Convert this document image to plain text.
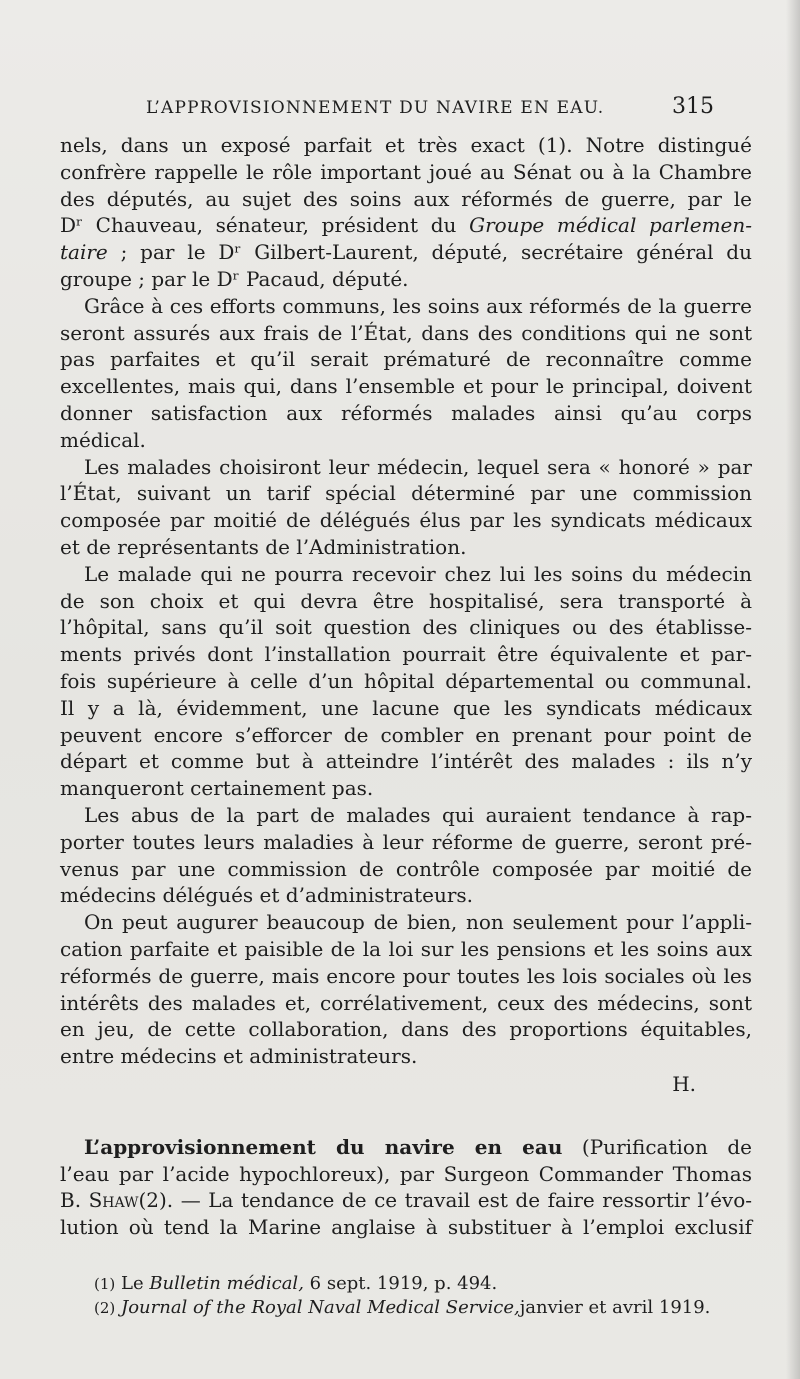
L’APPROVISIONNEMENT DU NAVIRE EN EAU.	315
nels, dans un exposé parfait et très exact (1). Notre distingué
confrère rappelle le rôle important joué au Sénat ou à la Chambre
des députés, au sujet des soins aux réformés de guerre, par le
Dʳ Chauveau, sénateur, président du Groupe médical parlemen-
taire ; par le Dʳ Gilbert-Laurent, député, secrétaire général du
groupe ; par le Dʳ Pacaud, député.
Grâce à ces efforts communs, les soins aux réformés de la guerre
seront assurés aux frais de l’État, dans des conditions qui ne sont
pas parfaites et qu’il serait prématuré de reconnaître comme
excellentes, mais qui, dans l’ensemble et pour le principal, doivent
donner satisfaction aux réformés malades ainsi qu’au corps
médical.
Les malades choisiront leur médecin, lequel sera « honoré » par
l’État, suivant un tarif spécial déterminé par une commission
composée par moitié de délégués élus par les syndicats médicaux
et de représentants de l’Administration.
Le malade qui ne pourra recevoir chez lui les soins du médecin
de son choix et qui devra être hospitalisé, sera transporté à
l’hôpital, sans qu’il soit question des cliniques ou des établisse-
ments privés dont l’installation pourrait être équivalente et par-
fois supérieure à celle d’un hôpital départemental ou communal.
Il y a là, évidemment, une lacune que les syndicats médicaux
peuvent encore s’efforcer de combler en prenant pour point de
départ et comme but à atteindre l’intérêt des malades : ils n’y
manqueront certainement pas.
Les abus de la part de malades qui auraient tendance à rap-
porter toutes leurs maladies à leur réforme de guerre, seront pré-
venus par une commission de contrôle composée par moitié de
médecins délégués et d’administrateurs.
On peut augurer beaucoup de bien, non seulement pour l’appli-
cation parfaite et paisible de la loi sur les pensions et les soins aux
réformés de guerre, mais encore pour toutes les lois sociales où les
intérêts des malades et, corrélativement, ceux des médecins, sont
en jeu, de cette collaboration, dans des proportions équitables,
entre médecins et administrateurs.
H.
L’approvisionnement du navire en eau (Purification de
l’eau par l’acide hypochloreux), par Surgeon Commander Thomas
B. Shaw(2). — La tendance de ce travail est de faire ressortir l’évo-
lution où tend la Marine anglaise à substituer à l’emploi exclusif
(1) Le Bulletin médical, 6 sept. 1919, p. 494.
(2) Journal of the Royal Naval Medical Service,janvier et avril 1919.
